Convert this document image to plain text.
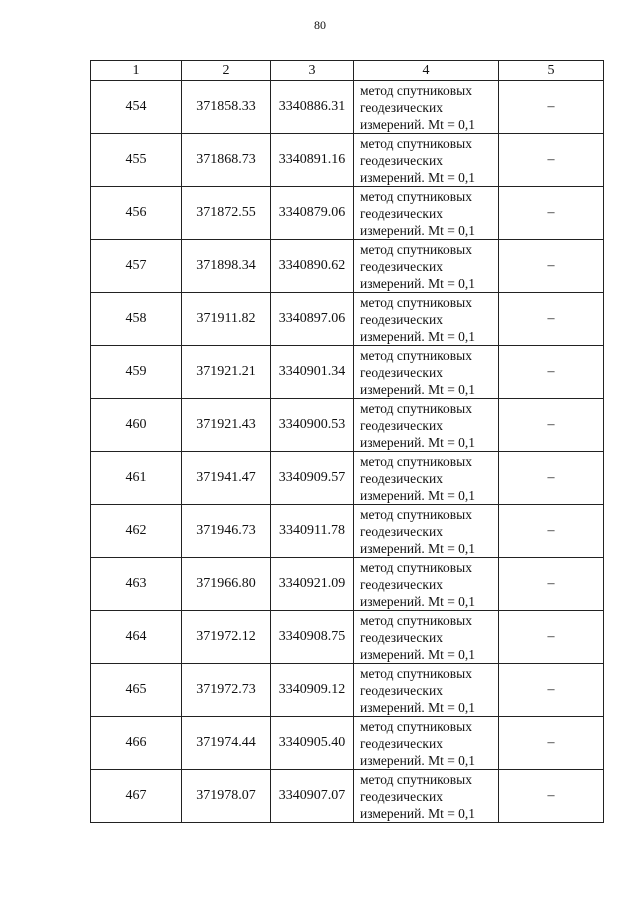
80
1	2	3	4	5
454	371858.33	3340886.31	метод спутниковых
геодезических
измерений. Mt = 0,1	–
455	371868.73	3340891.16	метод спутниковых
геодезических
измерений. Mt = 0,1	–
456	371872.55	3340879.06	метод спутниковых
геодезических
измерений. Mt = 0,1	–
457	371898.34	3340890.62	метод спутниковых
геодезических
измерений. Mt = 0,1	–
458	371911.82	3340897.06	метод спутниковых
геодезических
измерений. Mt = 0,1	–
459	371921.21	3340901.34	метод спутниковых
геодезических
измерений. Mt = 0,1	–
460	371921.43	3340900.53	метод спутниковых
геодезических
измерений. Mt = 0,1	–
461	371941.47	3340909.57	метод спутниковых
геодезических
измерений. Mt = 0,1	–
462	371946.73	3340911.78	метод спутниковых
геодезических
измерений. Mt = 0,1	–
463	371966.80	3340921.09	метод спутниковых
геодезических
измерений. Mt = 0,1	–
464	371972.12	3340908.75	метод спутниковых
геодезических
измерений. Mt = 0,1	–
465	371972.73	3340909.12	метод спутниковых
геодезических
измерений. Mt = 0,1	–
466	371974.44	3340905.40	метод спутниковых
геодезических
измерений. Mt = 0,1	–
467	371978.07	3340907.07	метод спутниковых
геодезических
измерений. Mt = 0,1	–
